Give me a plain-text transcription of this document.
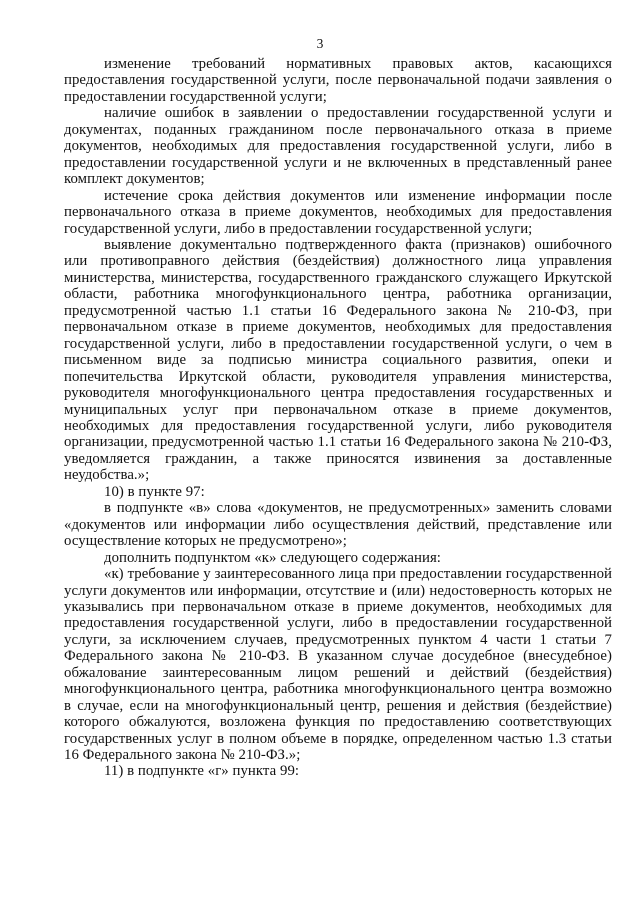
3

изменение требований нормативных правовых актов, касающихся предоставления государственной услуги, после первоначальной подачи заявления о предоставлении государственной услуги;

наличие ошибок в заявлении о предоставлении государственной услуги и документах, поданных гражданином после первоначального отказа в приеме документов, необходимых для предоставления государственной услуги, либо в предоставлении государственной услуги и не включенных в представленный ранее комплект документов;

истечение срока действия документов или изменение информации после первоначального отказа в приеме документов, необходимых для предоставления государственной услуги, либо в предоставлении государственной услуги;

выявление документально подтвержденного факта (признаков) ошибочного или противоправного действия (бездействия) должностного лица управления министерства, министерства, государственного гражданского служащего Иркутской области, работника многофункционального центра, работника организации, предусмотренной частью 1.1 статьи 16 Федерального закона № 210-ФЗ, при первоначальном отказе в приеме документов, необходимых для предоставления государственной услуги, либо в предоставлении государственной услуги, о чем в письменном виде за подписью министра социального развития, опеки и попечительства Иркутской области, руководителя управления министерства, руководителя многофункционального центра предоставления государственных и муниципальных услуг при первоначальном отказе в приеме документов, необходимых для предоставления государственной услуги, либо руководителя организации, предусмотренной частью 1.1 статьи 16 Федерального закона № 210-ФЗ, уведомляется гражданин, а также приносятся извинения за доставленные неудобства.»;

10) в пункте 97:

в подпункте «в» слова «документов, не предусмотренных» заменить словами «документов или информации либо осуществления действий, представление или осуществление которых не предусмотрено»;

дополнить подпунктом «к» следующего содержания:

«к) требование у заинтересованного лица при предоставлении государственной услуги документов или информации, отсутствие и (или) недостоверность которых не указывались при первоначальном отказе в приеме документов, необходимых для предоставления государственной услуги, либо в предоставлении государственной услуги, за исключением случаев, предусмотренных пунктом 4 части 1 статьи 7 Федерального закона № 210-ФЗ. В указанном случае досудебное (внесудебное) обжалование заинтересованным лицом решений и действий (бездействия) многофункционального центра, работника многофункционального центра возможно в случае, если на многофункциональный центр, решения и действия (бездействие) которого обжалуются, возложена функция по предоставлению соответствующих государственных услуг в полном объеме в порядке, определенном частью 1.3 статьи 16 Федерального закона № 210-ФЗ.»;

11) в подпункте «г» пункта 99:
